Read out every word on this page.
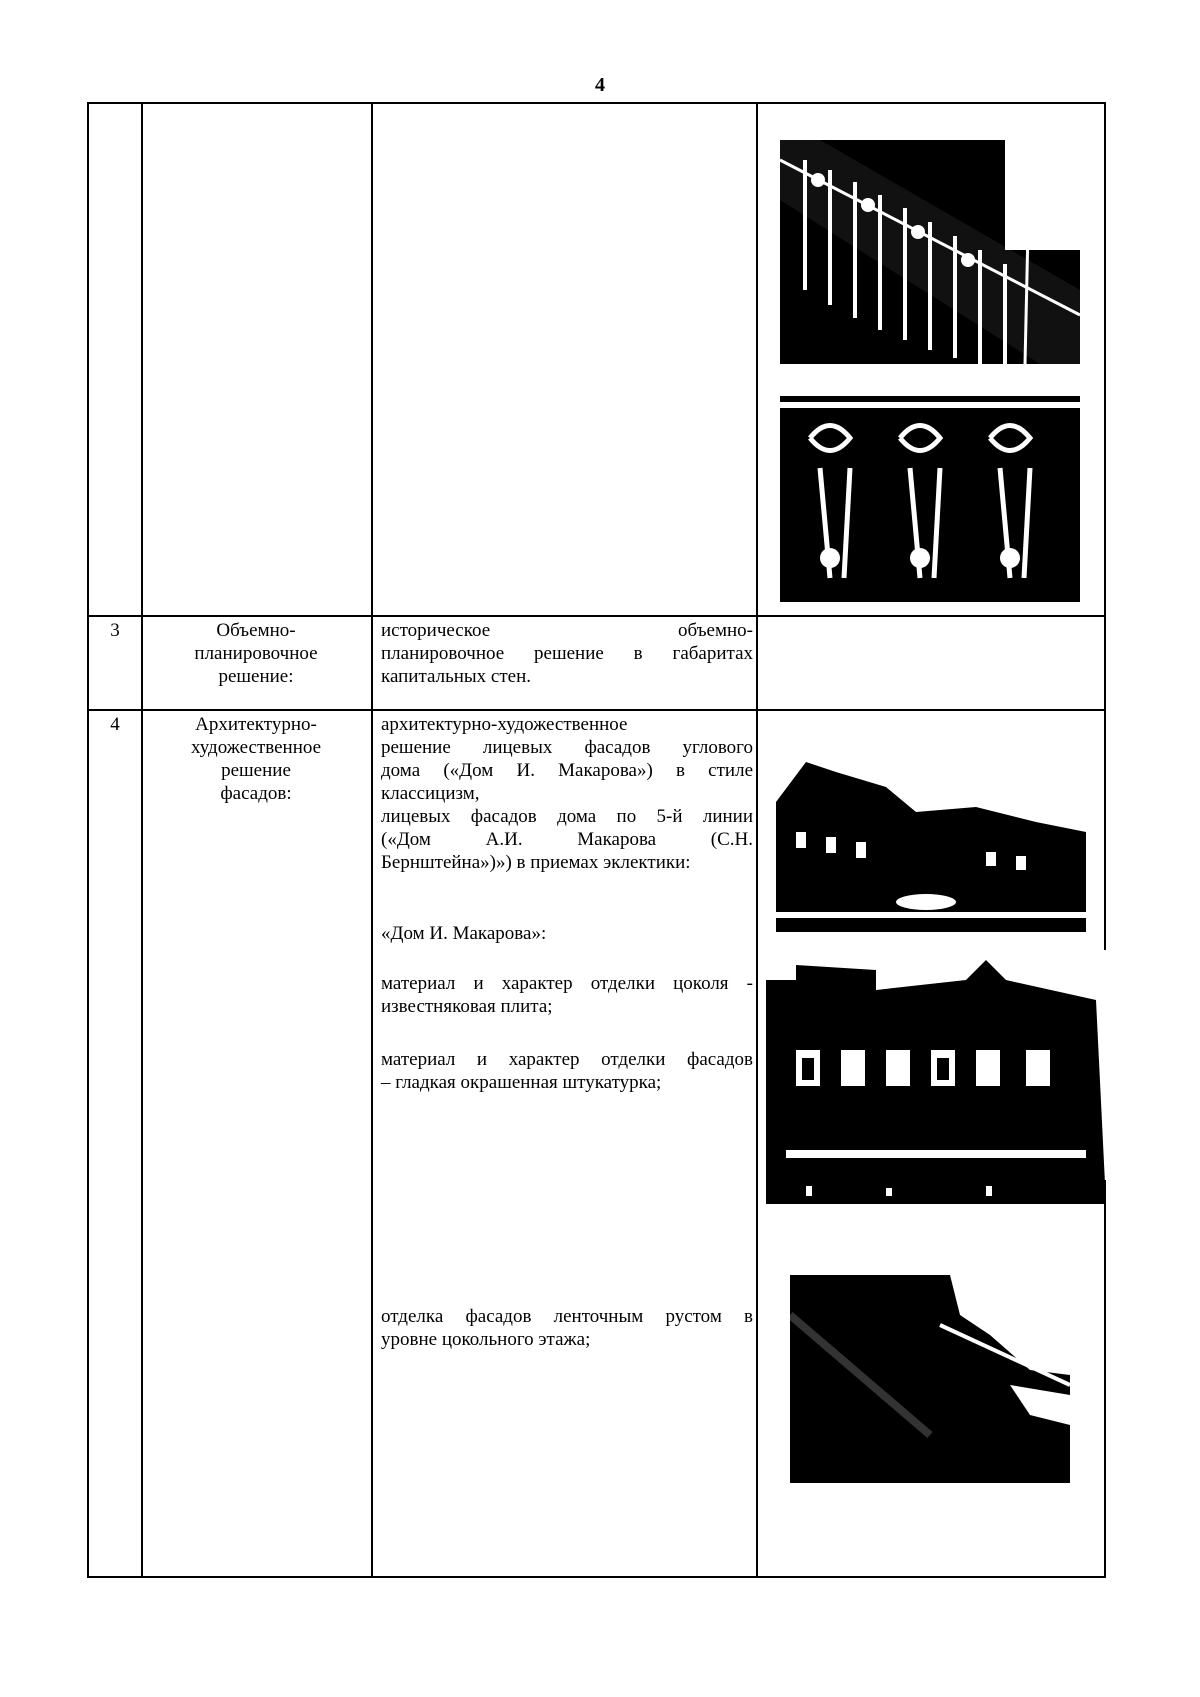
4
3	Объемно-
планировочное
решение:
историческое объемно-
планировочное решение в габаритах
капитальных стен.
4	Архитектурно-
художественное
решение
фасадов:
архитектурно-художественное
решение лицевых фасадов углового
дома («Дом И. Макарова») в стиле
классицизм,
лицевых фасадов дома по 5-й линии
(«Дом А.И. Макарова (С.Н.
Бернштейна»)») в приемах эклектики:
«Дом И. Макарова»:
материал и характер отделки цоколя -
известняковая плита;
материал и характер отделки фасадов
– гладкая окрашенная штукатурка;
отделка фасадов ленточным рустом в
уровне цокольного этажа;
